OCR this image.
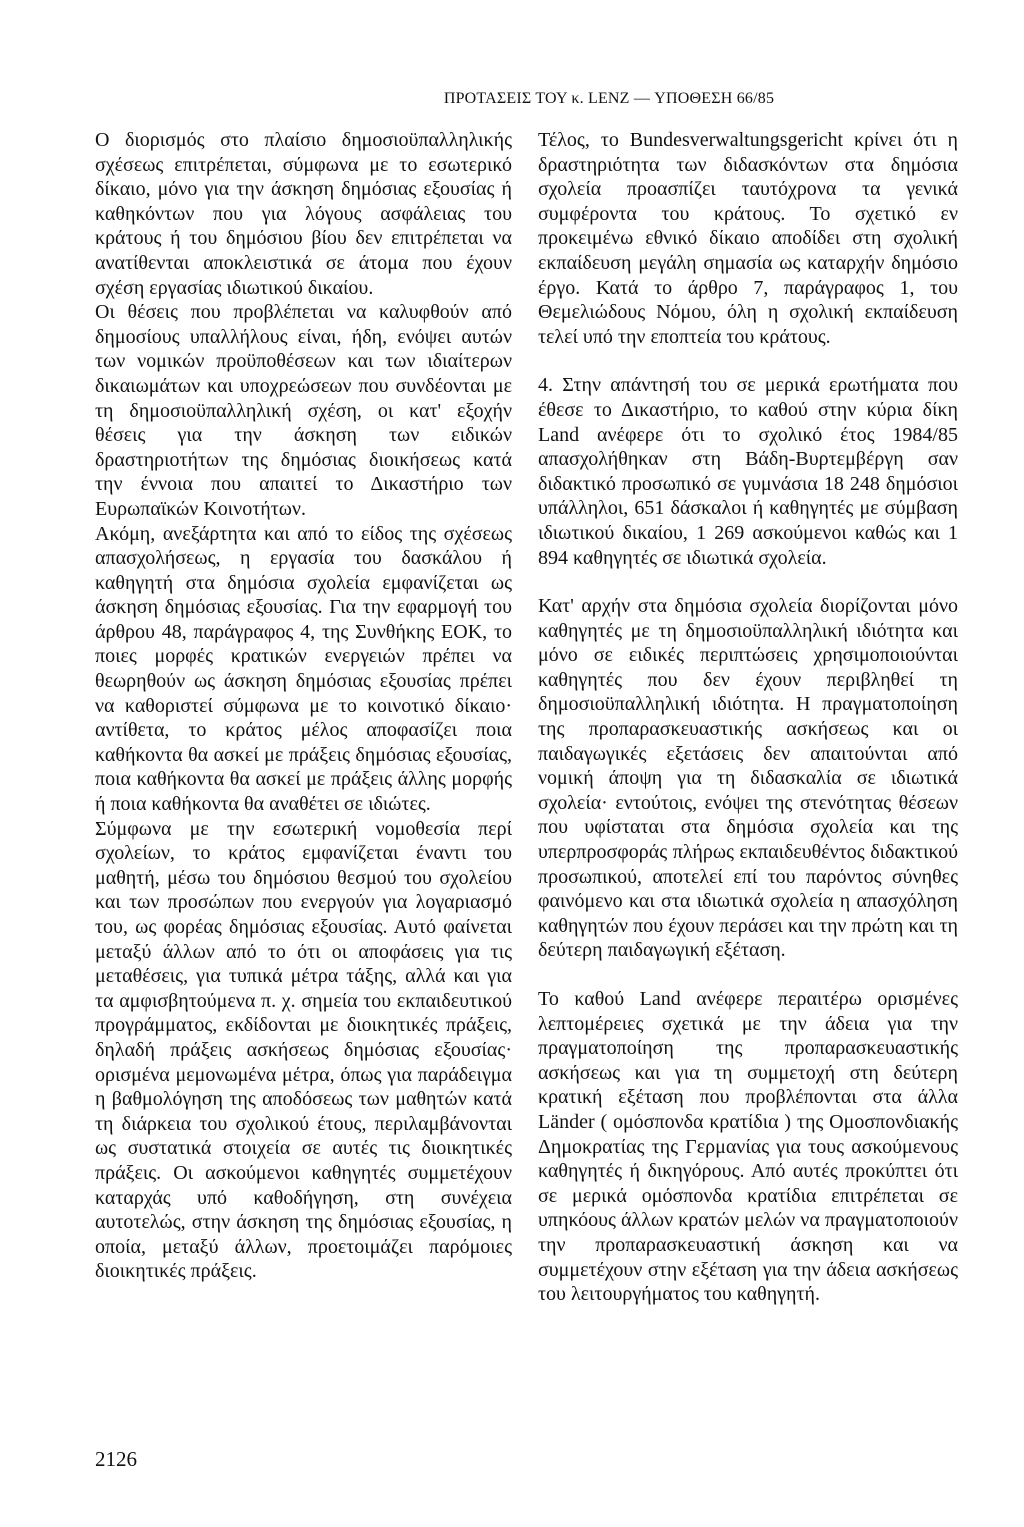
ΠΡΟΤΑΣΕΙΣ ΤΟΥ κ. LENZ — ΥΠΟΘΕΣΗ 66/85

Ο διορισμός στο πλαίσιο δημοσιοϋπαλληλικής σχέσεως επιτρέπεται, σύμφωνα με το εσωτερικό δίκαιο, μόνο για την άσκηση δημόσιας εξουσίας ή καθηκόντων που για λόγους ασφάλειας του κράτους ή του δημόσιου βίου δεν επιτρέπεται να ανατίθενται αποκλειστικά σε άτομα που έχουν σχέση εργασίας ιδιωτικού δικαίου.

Οι θέσεις που προβλέπεται να καλυφθούν από δημοσίους υπαλλήλους είναι, ήδη, ενόψει αυτών των νομικών προϋποθέσεων και των ιδιαίτερων δικαιωμάτων και υποχρεώσεων που συνδέονται με τη δημοσιοϋπαλληλική σχέση, οι κατ' εξοχήν θέσεις για την άσκηση των ειδικών δραστηριοτήτων της δημόσιας διοικήσεως κατά την έννοια που απαιτεί το Δικαστήριο των Ευρωπαϊκών Κοινοτήτων.

Ακόμη, ανεξάρτητα και από το είδος της σχέσεως απασχολήσεως, η εργασία του δασκάλου ή καθηγητή στα δημόσια σχολεία εμφανίζεται ως άσκηση δημόσιας εξουσίας. Για την εφαρμογή του άρθρου 48, παράγραφος 4, της Συνθήκης ΕΟΚ, το ποιες μορφές κρατικών ενεργειών πρέπει να θεωρηθούν ως άσκηση δημόσιας εξουσίας πρέπει να καθοριστεί σύμφωνα με το κοινοτικό δίκαιο· αντίθετα, το κράτος μέλος αποφασίζει ποια καθήκοντα θα ασκεί με πράξεις δημόσιας εξουσίας, ποια καθήκοντα θα ασκεί με πράξεις άλλης μορφής ή ποια καθήκοντα θα αναθέτει σε ιδιώτες.

Σύμφωνα με την εσωτερική νομοθεσία περί σχολείων, το κράτος εμφανίζεται έναντι του μαθητή, μέσω του δημόσιου θεσμού του σχολείου και των προσώπων που ενεργούν για λογαριασμό του, ως φορέας δημόσιας εξουσίας. Αυτό φαίνεται μεταξύ άλλων από το ότι οι αποφάσεις για τις μεταθέσεις, για τυπικά μέτρα τάξης, αλλά και για τα αμφισβητούμενα π. χ. σημεία του εκπαιδευτικού προγράμματος, εκδίδονται με διοικητικές πράξεις, δηλαδή πράξεις ασκήσεως δημόσιας εξουσίας· ορισμένα μεμονωμένα μέτρα, όπως για παράδειγμα η βαθμολόγηση της αποδόσεως των μαθητών κατά τη διάρκεια του σχολικού έτους, περιλαμβάνονται ως συστατικά στοιχεία σε αυτές τις διοικητικές πράξεις. Οι ασκούμενοι καθηγητές συμμετέχουν καταρχάς υπό καθοδήγηση, στη συνέχεια αυτοτελώς, στην άσκηση της δημόσιας εξουσίας, η οποία, μεταξύ άλλων, προετοιμάζει παρόμοιες διοικητικές πράξεις.

Τέλος, το Bundesverwaltungsgericht κρίνει ότι η δραστηριότητα των διδασκόντων στα δημόσια σχολεία προασπίζει ταυτόχρονα τα γενικά συμφέροντα του κράτους. Το σχετικό εν προκειμένω εθνικό δίκαιο αποδίδει στη σχολική εκπαίδευση μεγάλη σημασία ως καταρχήν δημόσιο έργο. Κατά το άρθρο 7, παράγραφος 1, του Θεμελιώδους Νόμου, όλη η σχολική εκπαίδευση τελεί υπό την εποπτεία του κράτους.

4. Στην απάντησή του σε μερικά ερωτήματα που έθεσε το Δικαστήριο, το καθού στην κύρια δίκη Land ανέφερε ότι το σχολικό έτος 1984/85 απασχολήθηκαν στη Βάδη-Βυρτεμβέργη σαν διδακτικό προσωπικό σε γυμνάσια 18 248 δημόσιοι υπάλληλοι, 651 δάσκαλοι ή καθηγητές με σύμβαση ιδιωτικού δικαίου, 1 269 ασκούμενοι καθώς και 1 894 καθηγητές σε ιδιωτικά σχολεία.

Κατ' αρχήν στα δημόσια σχολεία διορίζονται μόνο καθηγητές με τη δημοσιοϋπαλληλική ιδιότητα και μόνο σε ειδικές περιπτώσεις χρησιμοποιούνται καθηγητές που δεν έχουν περιβληθεί τη δημοσιοϋπαλληλική ιδιότητα. Η πραγματοποίηση της προπαρασκευαστικής ασκήσεως και οι παιδαγωγικές εξετάσεις δεν απαιτούνται από νομική άποψη για τη διδασκαλία σε ιδιωτικά σχολεία· εντούτοις, ενόψει της στενότητας θέσεων που υφίσταται στα δημόσια σχολεία και της υπερπροσφοράς πλήρως εκπαιδευθέντος διδακτικού προσωπικού, αποτελεί επί του παρόντος σύνηθες φαινόμενο και στα ιδιωτικά σχολεία η απασχόληση καθηγητών που έχουν περάσει και την πρώτη και τη δεύτερη παιδαγωγική εξέταση.

Το καθού Land ανέφερε περαιτέρω ορισμένες λεπτομέρειες σχετικά με την άδεια για την πραγματοποίηση της προπαρασκευαστικής ασκήσεως και για τη συμμετοχή στη δεύτερη κρατική εξέταση που προβλέπονται στα άλλα Länder ( ομόσπονδα κρατίδια ) της Ομοσπονδιακής Δημοκρατίας της Γερμανίας για τους ασκούμενους καθηγητές ή δικηγόρους. Από αυτές προκύπτει ότι σε μερικά ομόσπονδα κρατίδια επιτρέπεται σε υπηκόους άλλων κρατών μελών να πραγματοποιούν την προπαρασκευαστική άσκηση και να συμμετέχουν στην εξέταση για την άδεια ασκήσεως του λειτουργήματος του καθηγητή.

2126
